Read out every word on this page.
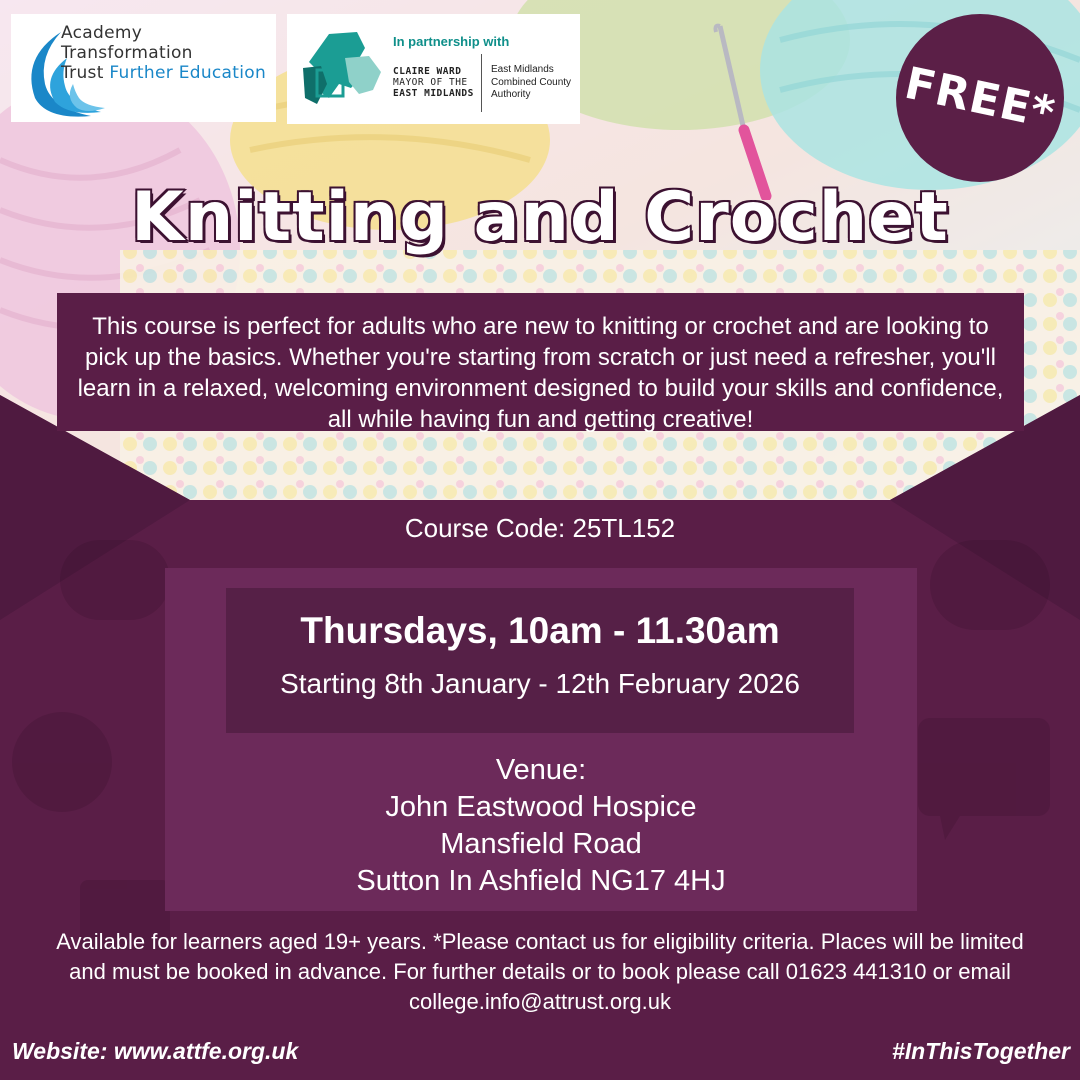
Academy
Transformation
Trust Further Education
In partnership with
CLAIRE WARD
MAYOR OF THE
EAST MIDLANDS
East Midlands
Combined County
Authority	FREE*
Knitting and Crochet

This course is perfect for adults who are new to knitting or crochet and are looking to pick up the basics. Whether you're starting from scratch or just need a refresher, you'll learn in a relaxed, welcoming environment designed to build your skills and confidence, all while having fun and getting creative!

Course Code: 25TL152
Thursdays, 10am - 11.30am
Starting 8th January - 12th February 2026
Venue:
John Eastwood Hospice
Mansfield Road
Sutton In Ashfield NG17 4HJ
Available for learners aged 19+ years. *Please contact us for eligibility criteria. Places will be limited and must be booked in advance. For further details or to book please call 01623 441310 or email college.info@attrust.org.uk
Website: www.attfe.org.uk	#InThisTogether
